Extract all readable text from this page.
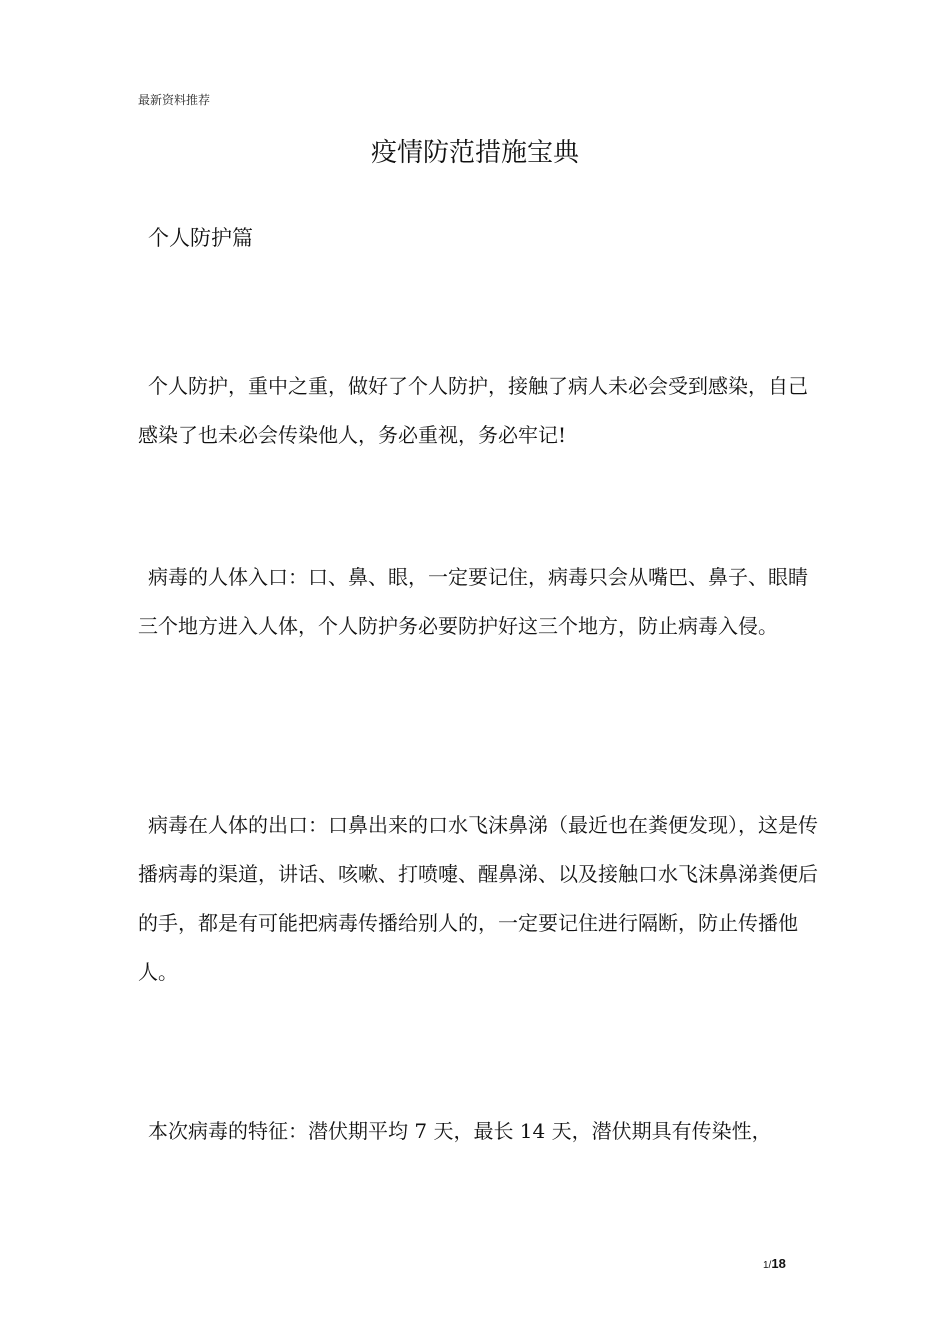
最新资料推荐
疫情防范措施宝典
个人防护篇

个人防护，重中之重，做好了个人防护，接触了病人未必会受到感染，自己感染了也未必会传染他人，务必重视，务必牢记!

病毒的人体入口：口、鼻、眼，一定要记住，病毒只会从嘴巴、鼻子、眼睛三个地方进入人体，个人防护务必要防护好这三个地方，防止病毒入侵。

病毒在人体的出口：口鼻出来的口水飞沫鼻涕（最近也在粪便发现），这是传播病毒的渠道，讲话、咳嗽、打喷嚏、醒鼻涕、以及接触口水飞沫鼻涕粪便后的手，都是有可能把病毒传播给别人的，一定要记住进行隔断，防止传播他人。

本次病毒的特征：潜伏期平均 7 天，最长 14 天，潜伏期具有传染性，

1/18
